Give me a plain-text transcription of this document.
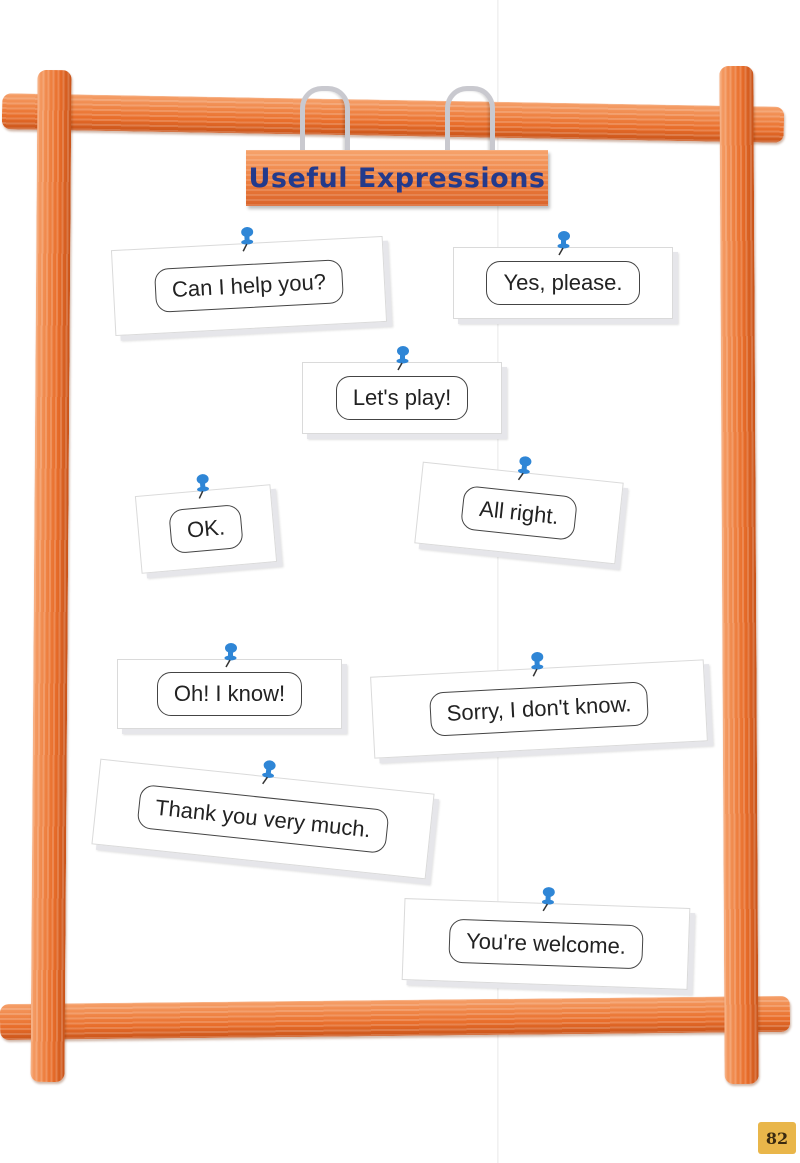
Useful Expressions
Can I help you?	Yes, please.
Let's play!
OK.	All right.
Oh! I know!	Sorry, I don't know.
Thank you very much.
You're welcome.
82
